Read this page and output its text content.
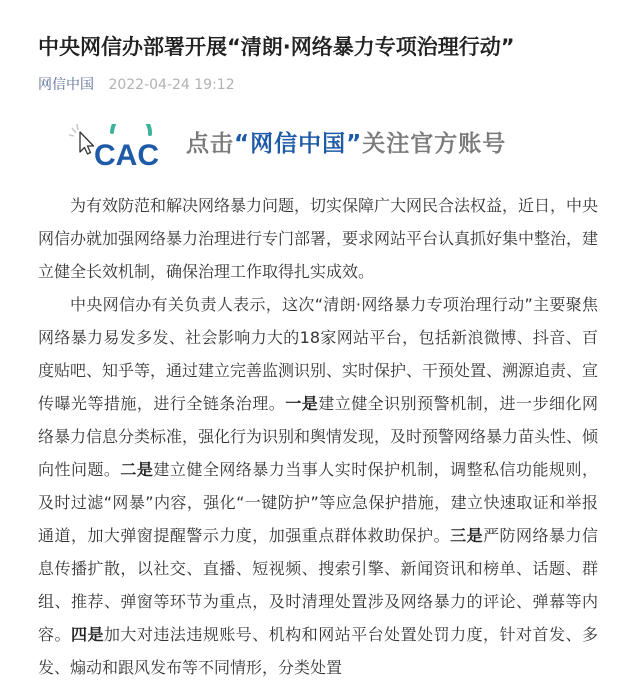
中央网信办部署开展“清朗·网络暴力专项治理行动”
网信中国 2022-04-24 19:12
CAC 点击“网信中国”关注官方账号

为有效防范和解决网络暴力问题，切实保障广大网民合法权益，近日，中央网信办就加强网络暴力治理进行专门部署，要求网站平台认真抓好集中整治，建立健全长效机制，确保治理工作取得扎实成效。

中央网信办有关负责人表示，这次“清朗·网络暴力专项治理行动”主要聚焦网络暴力易发多发、社会影响力大的18家网站平台，包括新浪微博、抖音、百度贴吧、知乎等，通过建立完善监测识别、实时保护、干预处置、溯源追责、宣传曝光等措施，进行全链条治理。一是建立健全识别预警机制，进一步细化网络暴力信息分类标准，强化行为识别和舆情发现，及时预警网络暴力苗头性、倾向性问题。二是建立健全网络暴力当事人实时保护机制，调整私信功能规则，及时过滤“网暴”内容，强化“一键防护”等应急保护措施，建立快速取证和举报通道，加大弹窗提醒警示力度，加强重点群体救助保护。三是严防网络暴力信息传播扩散，以社交、直播、短视频、搜索引擎、新闻资讯和榜单、话题、群组、推荐、弹窗等环节为重点，及时清理处置涉及网络暴力的评论、弹幕等内容。四是加大对违法违规账号、机构和网站平台处置处罚力度，针对首发、多发、煽动和跟风发布等不同情形，分类处置
